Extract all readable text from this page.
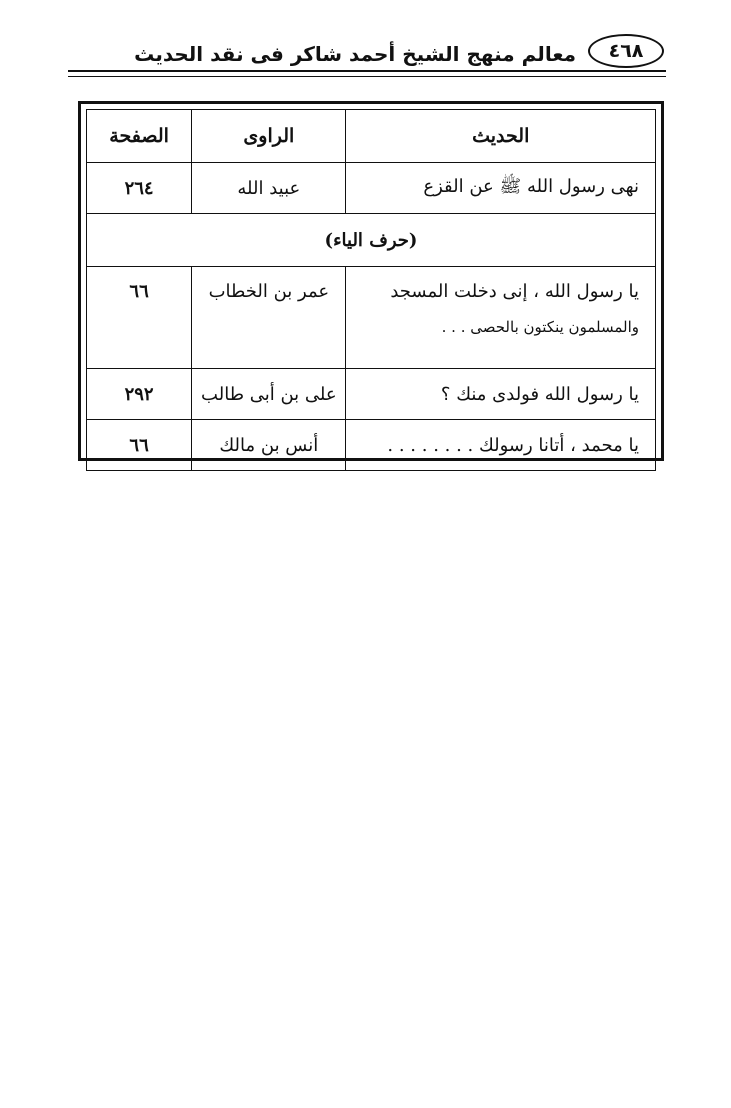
معالم منهج الشيخ أحمد شاكر فى نقد الحديث ٤٦٨
الحديث	الراوى	الصفحة
نهى رسول الله ﷺ عن القزع	عبيد الله	٢٦٤
(حرف الياء)		
يا رسول الله ، إنى دخلت المسجد
والمسلمون ينكتون بالحصى . . .	عمر بن الخطاب	٦٦
يا رسول الله فولدى منك ؟	على بن أبى طالب	٢٩٢
يا محمد ، أتانا رسولك . . . . . . . .	أنس بن مالك	٦٦
